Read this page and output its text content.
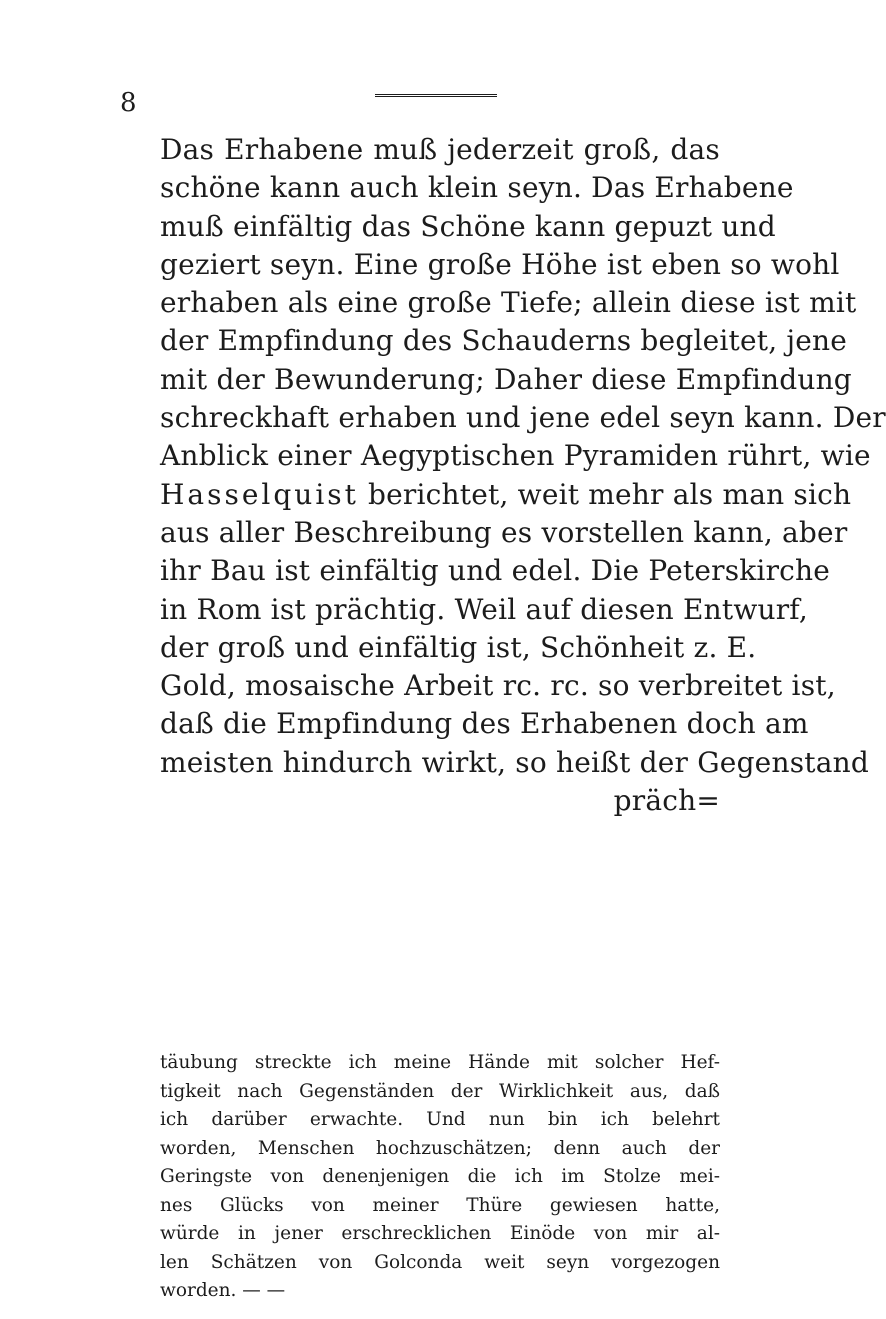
8
Das Erhabene muß jederzeit groß, das
schöne kann auch klein seyn. Das Erhabene
muß einfältig das Schöne kann gepuzt und
geziert seyn. Eine große Höhe ist eben so wohl
erhaben als eine große Tiefe; allein diese ist mit
der Empfindung des Schauderns begleitet, jene
mit der Bewunderung; Daher diese Empfindung
schreckhaft erhaben und jene edel seyn kann. Der
Anblick einer Aegyptischen Pyramiden rührt, wie
Hasselquist berichtet, weit mehr als man sich
aus aller Beschreibung es vorstellen kann, aber
ihr Bau ist einfältig und edel. Die Peterskirche
in Rom ist prächtig. Weil auf diesen Entwurf,
der groß und einfältig ist, Schönheit z. E.
Gold, mosaische Arbeit rc. rc. so verbreitet ist,
daß die Empfindung des Erhabenen doch am
meisten hindurch wirkt, so heißt der Gegenstand
präch=
täubung streckte ich meine Hände mit solcher Hef-
tigkeit nach Gegenständen der Wirklichkeit aus, daß
ich darüber erwachte. Und nun bin ich belehrt
worden, Menschen hochzuschätzen; denn auch der
Geringste von denenjenigen die ich im Stolze mei-
nes Glücks von meiner Thüre gewiesen hatte,
würde in jener erschrecklichen Einöde von mir al-
len Schätzen von Golconda weit seyn vorgezogen
worden. — —
